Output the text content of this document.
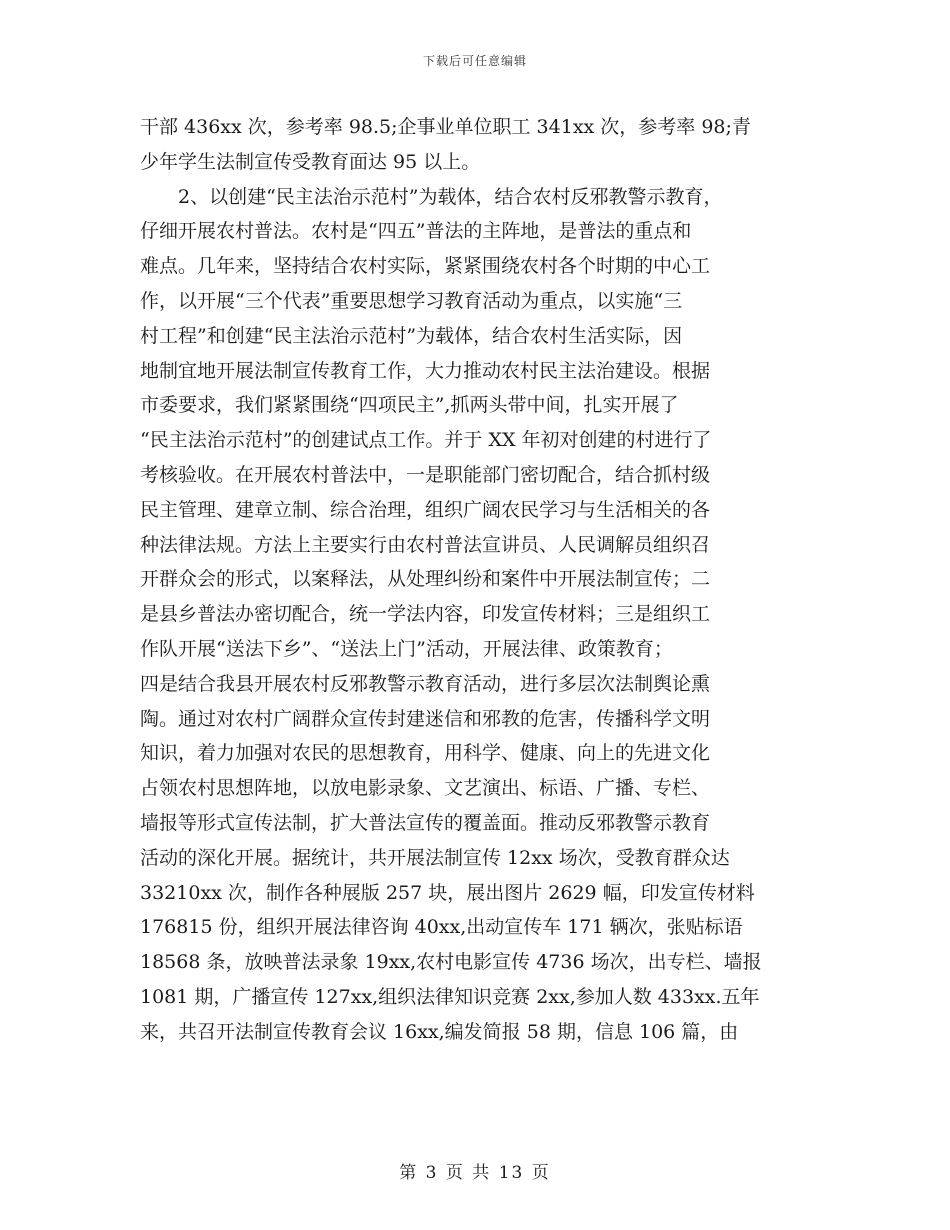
下载后可任意编辑
干部 436xx 次，参考率 98.5;企事业单位职工 341xx 次，参考率 98;青
少年学生法制宣传受教育面达 95 以上。
2、以创建“民主法治示范村”为载体，结合农村反邪教警示教育，
仔细开展农村普法。农村是“四五”普法的主阵地，是普法的重点和
难点。几年来，坚持结合农村实际，紧紧围绕农村各个时期的中心工
作，以开展“三个代表”重要思想学习教育活动为重点，以实施“三
村工程”和创建“民主法治示范村”为载体，结合农村生活实际，因
地制宜地开展法制宣传教育工作，大力推动农村民主法治建设。根据
市委要求，我们紧紧围绕“四项民主”,抓两头带中间，扎实开展了
“民主法治示范村”的创建试点工作。并于 XX 年初对创建的村进行了
考核验收。在开展农村普法中，一是职能部门密切配合，结合抓村级
民主管理、建章立制、综合治理，组织广阔农民学习与生活相关的各
种法律法规。方法上主要实行由农村普法宣讲员、人民调解员组织召
开群众会的形式，以案释法，从处理纠纷和案件中开展法制宣传；二
是县乡普法办密切配合，统一学法内容，印发宣传材料；三是组织工
作队开展“送法下乡”、“送法上门”活动，开展法律、政策教育；
四是结合我县开展农村反邪教警示教育活动，进行多层次法制舆论熏
陶。通过对农村广阔群众宣传封建迷信和邪教的危害，传播科学文明
知识，着力加强对农民的思想教育，用科学、健康、向上的先进文化
占领农村思想阵地，以放电影录象、文艺演出、标语、广播、专栏、
墙报等形式宣传法制，扩大普法宣传的覆盖面。推动反邪教警示教育
活动的深化开展。据统计，共开展法制宣传 12xx 场次，受教育群众达
33210xx 次，制作各种展版 257 块，展出图片 2629 幅，印发宣传材料
176815 份，组织开展法律咨询 40xx,出动宣传车 171 辆次，张贴标语
18568 条，放映普法录象 19xx,农村电影宣传 4736 场次，出专栏、墙报
1081 期，广播宣传 127xx,组织法律知识竞赛 2xx,参加人数 433xx.五年
来，共召开法制宣传教育会议 16xx,编发简报 58 期，信息 106 篇，由
第 3 页 共 13 页
